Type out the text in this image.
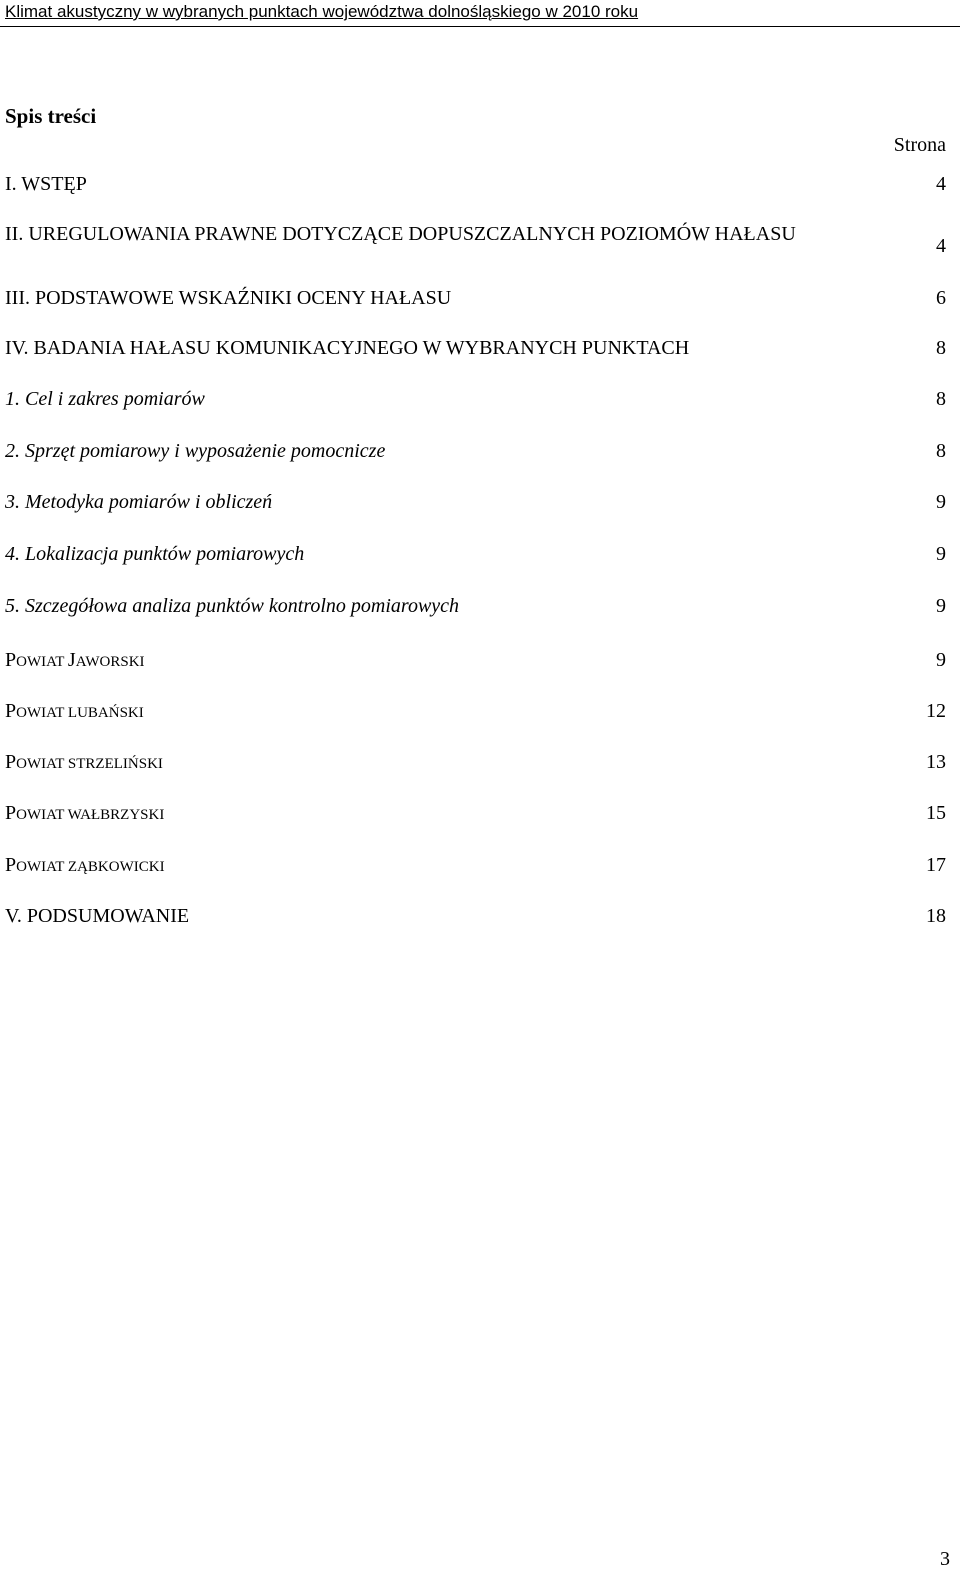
Klimat akustyczny w wybranych punktach województwa dolnośląskiego w 2010 roku
Spis treści
Strona
I. WSTĘP	4
II. UREGULOWANIA PRAWNE DOTYCZĄCE DOPUSZCZALNYCH POZIOMÓW HAŁASU
4
III. PODSTAWOWE WSKAŹNIKI OCENY HAŁASU	6
IV. BADANIA HAŁASU KOMUNIKACYJNEGO W WYBRANYCH PUNKTACH	8
1. Cel i zakres pomiarów	8
2. Sprzęt pomiarowy i wyposażenie pomocnicze	8
3. Metodyka pomiarów i obliczeń	9
4. Lokalizacja punktów pomiarowych	9
5. Szczegółowa analiza punktów kontrolno pomiarowych	9
POWIAT JAWORSKI	9
POWIAT LUBAŃSKI	12
POWIAT STRZELIŃSKI	13
POWIAT WAŁBRZYSKI	15
POWIAT ZĄBKOWICKI	17
V. PODSUMOWANIE	18
3
